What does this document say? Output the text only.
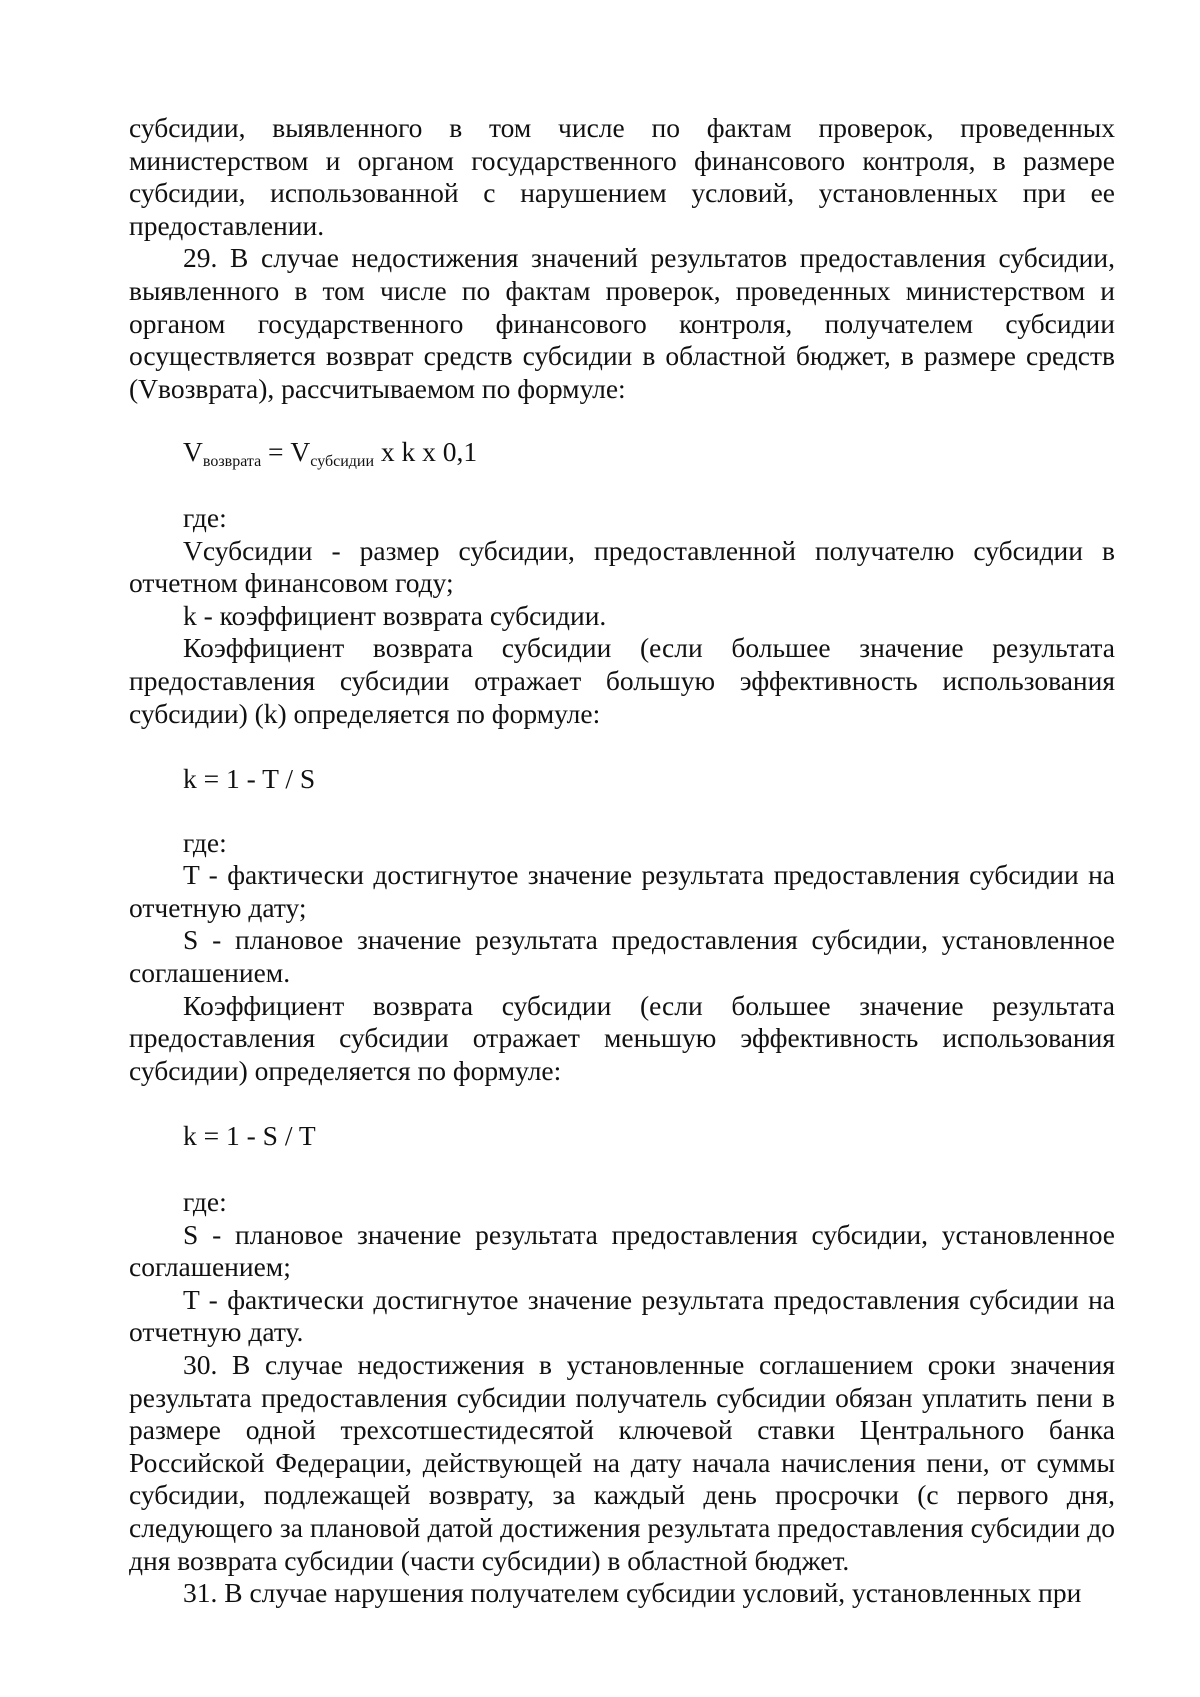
субсидии, выявленного в том числе по фактам проверок, проведенных министерством и органом государственного финансового контроля, в размере субсидии, использованной с нарушением условий, установленных при ее предоставлении.

29. В случае недостижения значений результатов предоставления субсидии, выявленного в том числе по фактам проверок, проведенных министерством и органом государственного финансового контроля, получателем субсидии осуществляется возврат средств субсидии в областной бюджет, в размере средств (Vвозврата), рассчитываемом по формуле:

$V_{возврата} = V_{субсидии}$ x k x 0,1

где:

Vсубсидии - размер субсидии, предоставленной получателю субсидии в отчетном финансовом году;

k - коэффициент возврата субсидии.

Коэффициент возврата субсидии (если большее значение результата предоставления субсидии отражает большую эффективность использования субсидии) (k) определяется по формуле:

k = 1 - T / S

где:

T - фактически достигнутое значение результата предоставления субсидии на отчетную дату;

S - плановое значение результата предоставления субсидии, установленное соглашением.

Коэффициент возврата субсидии (если большее значение результата предоставления субсидии отражает меньшую эффективность использования субсидии) определяется по формуле:

k = 1 - S / T

где:

S - плановое значение результата предоставления субсидии, установленное соглашением;

T - фактически достигнутое значение результата предоставления субсидии на отчетную дату.

30. В случае недостижения в установленные соглашением сроки значения результата предоставления субсидии получатель субсидии обязан уплатить пени в размере одной трехсотшестидесятой ключевой ставки Центрального банка Российской Федерации, действующей на дату начала начисления пени, от суммы субсидии, подлежащей возврату, за каждый день просрочки (с первого дня, следующего за плановой датой достижения результата предоставления субсидии до дня возврата субсидии (части субсидии) в областной бюджет.

31. В случае нарушения получателем субсидии условий, установленных при
